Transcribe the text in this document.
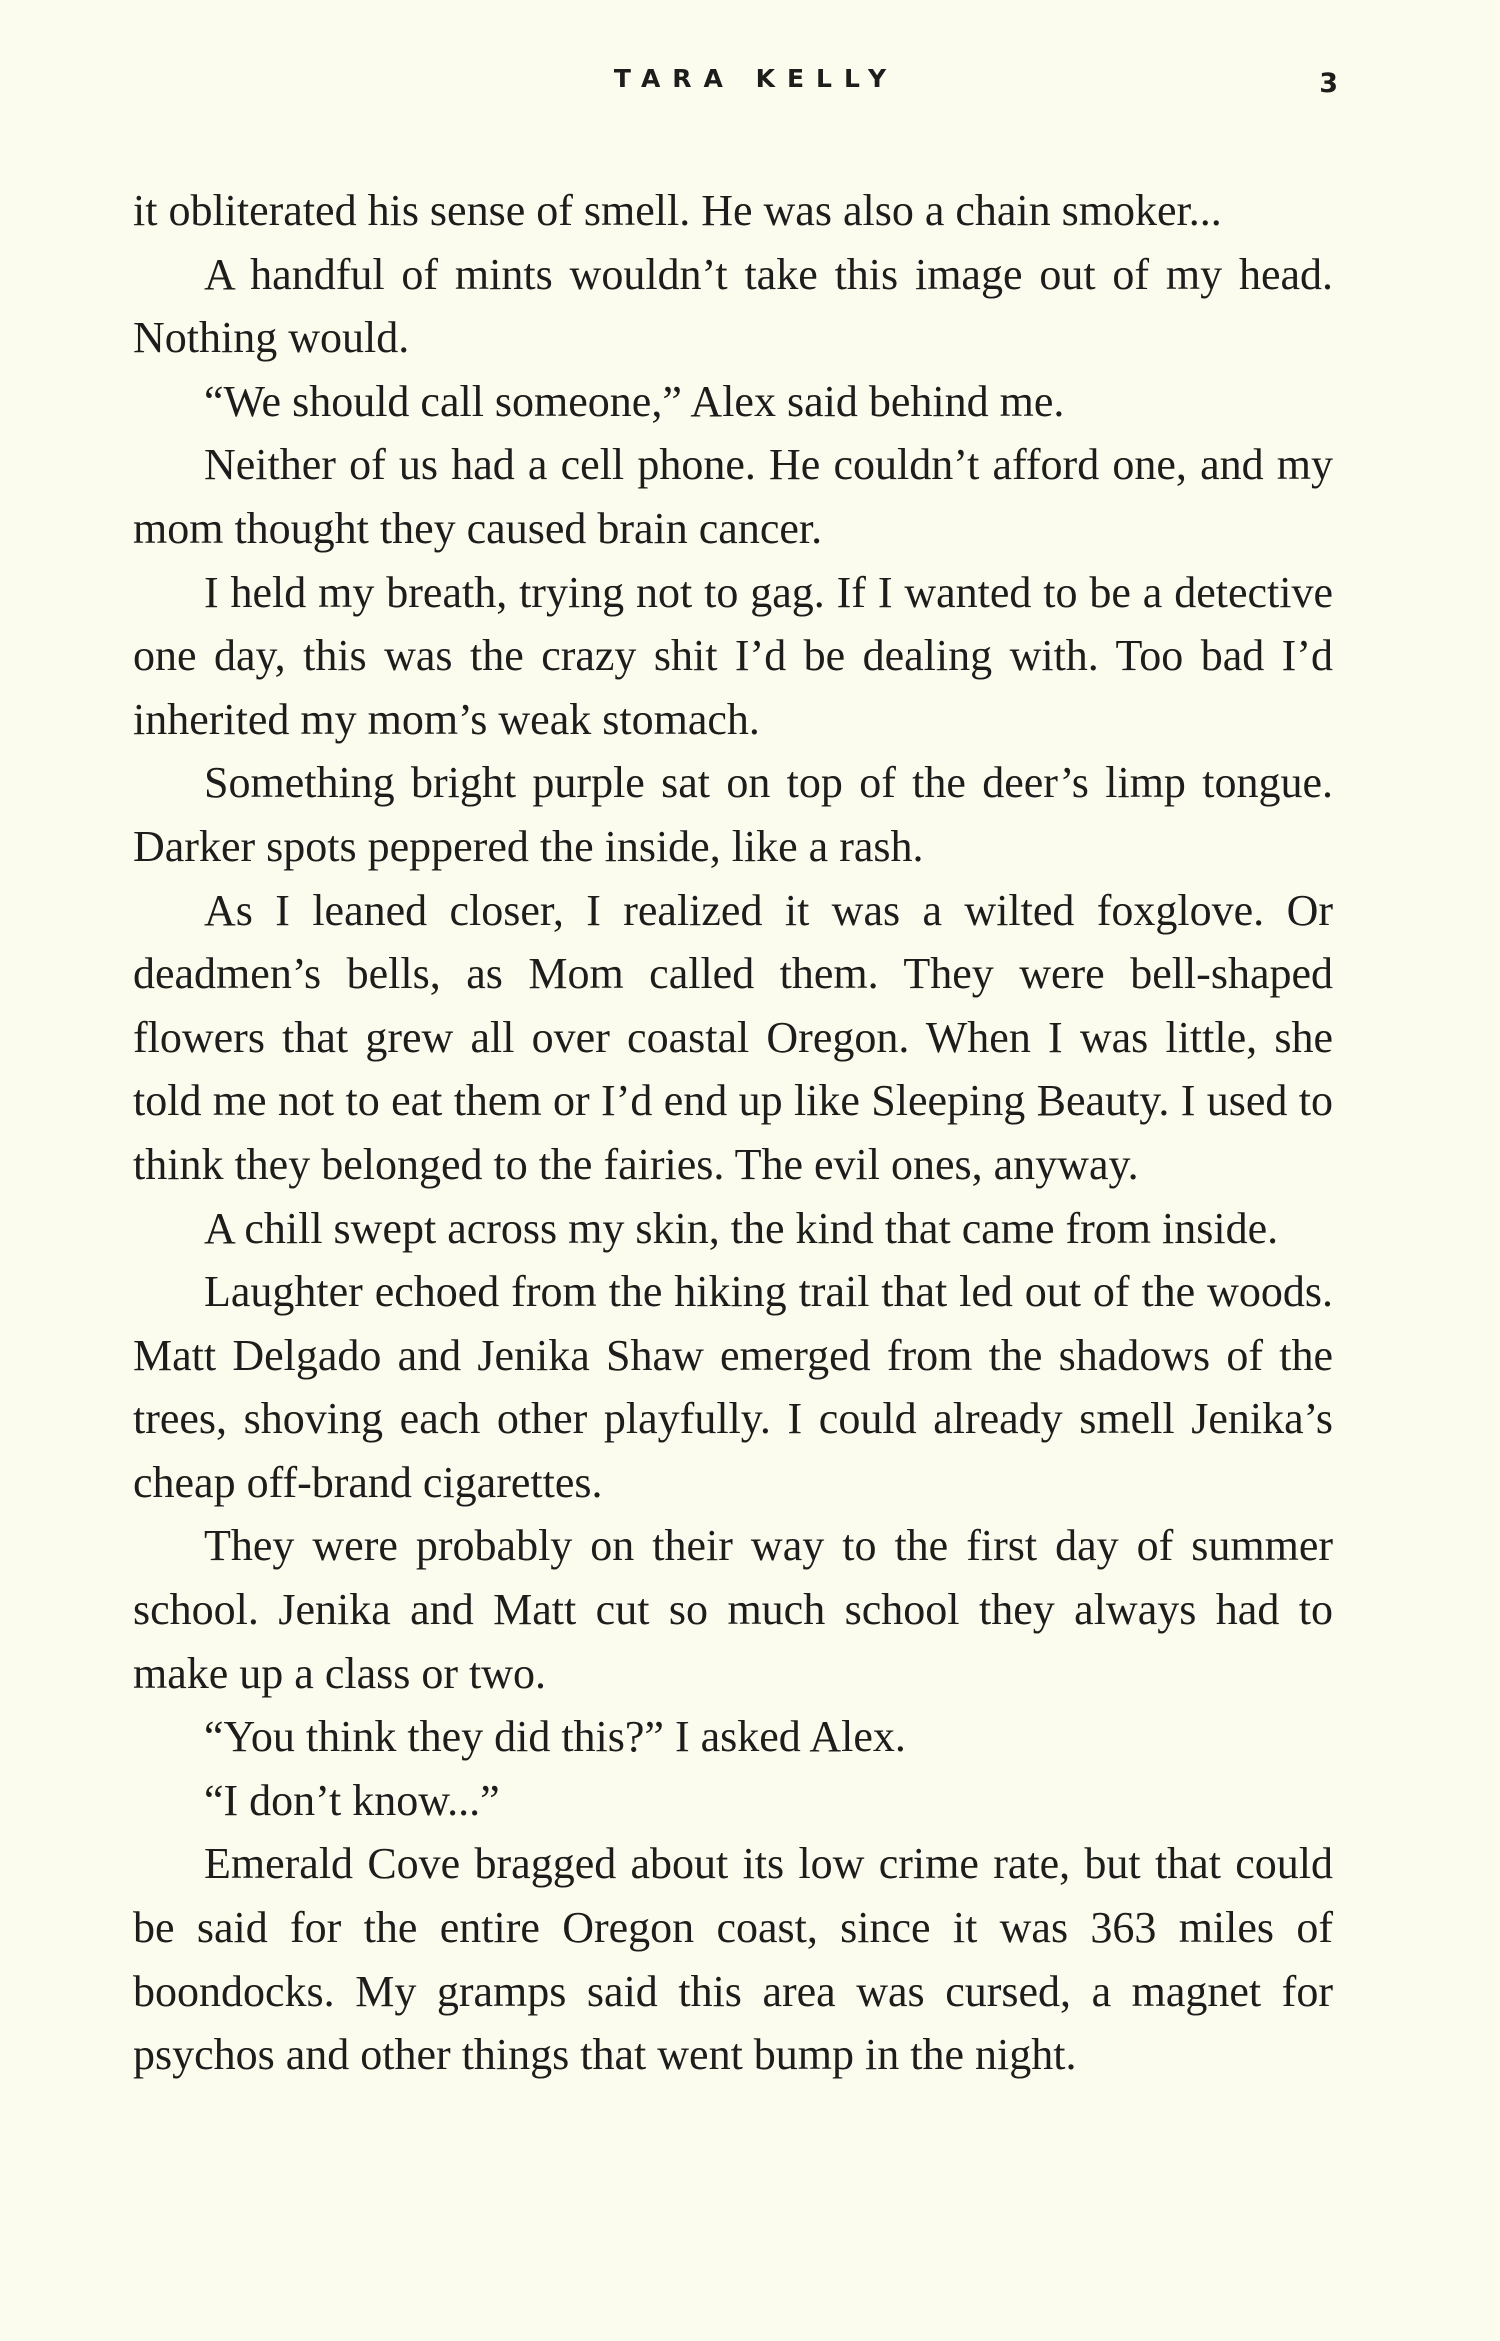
TARA KELLY	3

it obliterated his sense of smell. He was also a chain smoker...

A handful of mints wouldn’t take this image out of my head. Nothing would.

“We should call someone,” Alex said behind me.

Neither of us had a cell phone. He couldn’t afford one, and my mom thought they caused brain cancer.

I held my breath, trying not to gag. If I wanted to be a detective one day, this was the crazy shit I’d be dealing with. Too bad I’d inherited my mom’s weak stomach.

Something bright purple sat on top of the deer’s limp tongue. Darker spots peppered the inside, like a rash.

As I leaned closer, I realized it was a wilted foxglove. Or deadmen’s bells, as Mom called them. They were bell-shaped flowers that grew all over coastal Oregon. When I was little, she told me not to eat them or I’d end up like Sleeping Beauty. I used to think they belonged to the fairies. The evil ones, anyway.

A chill swept across my skin, the kind that came from inside.

Laughter echoed from the hiking trail that led out of the woods. Matt Delgado and Jenika Shaw emerged from the shadows of the trees, shoving each other playfully. I could already smell Jenika’s cheap off-brand cigarettes.

They were probably on their way to the first day of summer school. Jenika and Matt cut so much school they always had to make up a class or two.

“You think they did this?” I asked Alex.

“I don’t know...”

Emerald Cove bragged about its low crime rate, but that could be said for the entire Oregon coast, since it was 363 miles of boondocks. My gramps said this area was cursed, a magnet for psychos and other things that went bump in the night.
